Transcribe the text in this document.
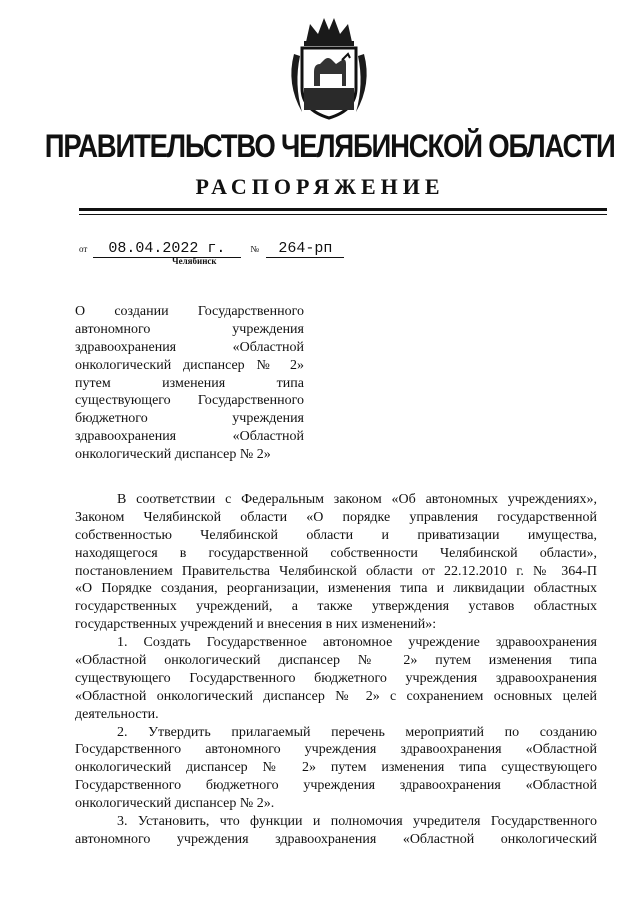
ПРАВИТЕЛЬСТВО ЧЕЛЯБИНСКОЙ ОБЛАСТИ
РАСПОРЯЖЕНИЕ
от 08.04.2022 г.	№ 264-рп
Челябинск
О создании Государственного
автономного учреждения
здравоохранения «Областной
онкологический диспансер № 2»
путем изменения типа
существующего Государственного
бюджетного учреждения
здравоохранения «Областной
онкологический диспансер № 2»
В соответствии с Федеральным законом «Об автономных учреждениях»,
Законом Челябинской области «О порядке управления государственной
собственностью Челябинской области и приватизации имущества,
находящегося в государственной собственности Челябинской области»,
постановлением Правительства Челябинской области от 22.12.2010 г. № 364-П
«О Порядке создания, реорганизации, изменения типа и ликвидации областных
государственных учреждений, а также утверждения уставов областных
государственных учреждений и внесения в них изменений»:
1. Создать Государственное автономное учреждение здравоохранения
«Областной онкологический диспансер № 2» путем изменения типа
существующего Государственного бюджетного учреждения здравоохранения
«Областной онкологический диспансер № 2» с сохранением основных целей
деятельности.
2. Утвердить прилагаемый перечень мероприятий по созданию
Государственного автономного учреждения здравоохранения «Областной
онкологический диспансер № 2» путем изменения типа существующего
Государственного бюджетного учреждения здравоохранения «Областной
онкологический диспансер № 2».
3. Установить, что функции и полномочия учредителя Государственного
автономного учреждения здравоохранения «Областной онкологический
